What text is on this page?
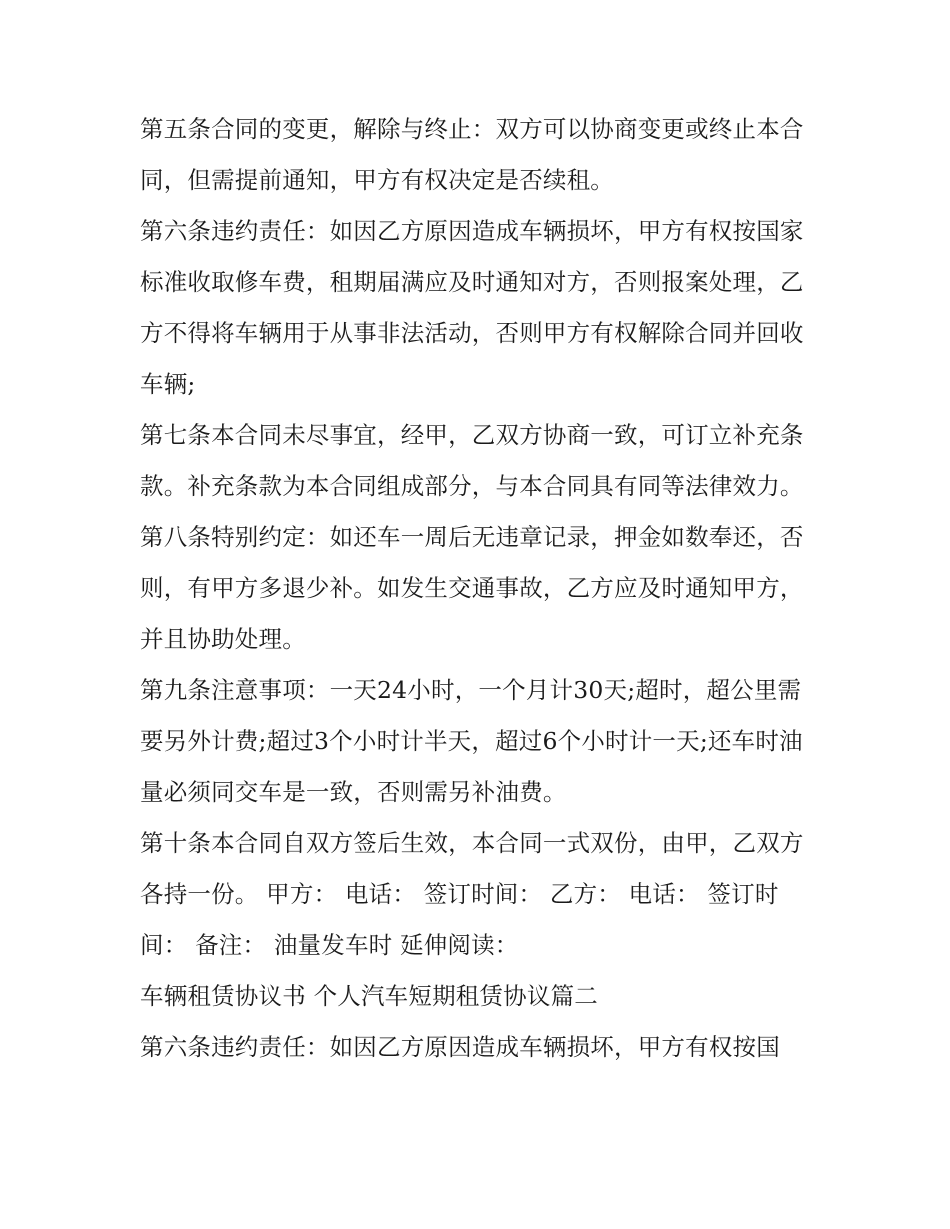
第五条合同的变更，解除与终止：双方可以协商变更或终止本合同，但需提前通知，甲方有权决定是否续租。

第六条违约责任：如因乙方原因造成车辆损坏，甲方有权按国家标准收取修车费，租期届满应及时通知对方，否则报案处理，乙方不得将车辆用于从事非法活动，否则甲方有权解除合同并回收车辆;

第七条本合同未尽事宜，经甲，乙双方协商一致，可订立补充条款。补充条款为本合同组成部分，与本合同具有同等法律效力。

第八条特别约定：如还车一周后无违章记录，押金如数奉还，否则，有甲方多退少补。如发生交通事故，乙方应及时通知甲方，并且协助处理。

第九条注意事项：一天24小时，一个月计30天;超时，超公里需要另外计费;超过3个小时计半天，超过6个小时计一天;还车时油量必须同交车是一致，否则需另补油费。

第十条本合同自双方签后生效，本合同一式双份，由甲，乙双方各持一份。 甲方： 电话： 签订时间： 乙方： 电话： 签订时间： 备注： 油量发车时 延伸阅读：

车辆租赁协议书 个人汽车短期租赁协议篇二

第六条违约责任：如因乙方原因造成车辆损坏，甲方有权按国
